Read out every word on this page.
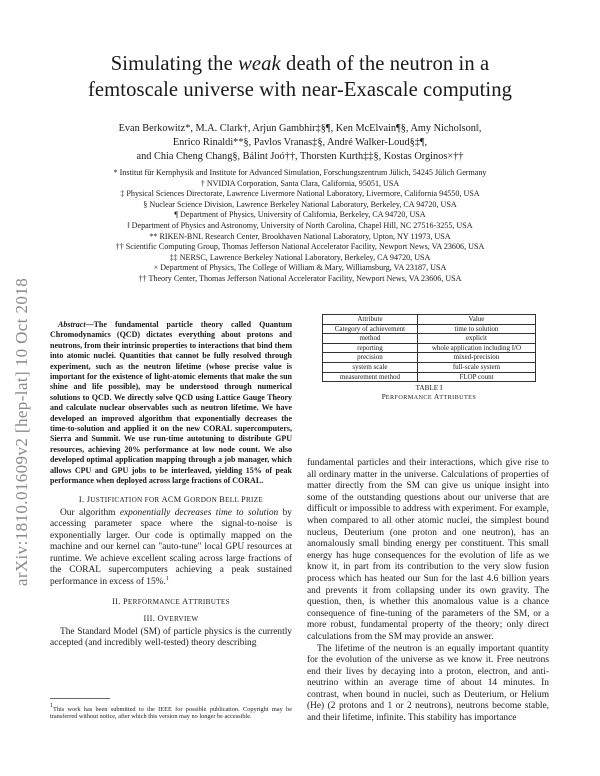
Simulating the weak death of the neutron in a
femtoscale universe with near-Exascale computing
Evan Berkowitz*, M.A. Clark†, Arjun Gambhir‡§¶, Ken McElvain¶§, Amy Nicholson‖,
Enrico Rinaldi**§, Pavlos Vranas‡§, André Walker-Loud§‡¶,
and Chia Cheng Chang§, Bálint Joó††, Thorsten Kurth‡‡§, Kostas Orginos×††
* Institut für Kernphysik and Institute for Advanced Simulation, Forschungszentrum Jülich, 54245 Jülich Germany
† NVIDIA Corporation, Santa Clara, California, 95051, USA
‡ Physical Sciences Directorate, Lawrence Livermore National Laboratory, Livermore, California 94550, USA
§ Nuclear Science Division, Lawrence Berkeley National Laboratory, Berkeley, CA 94720, USA
¶ Department of Physics, University of California, Berkeley, CA 94720, USA
‖ Department of Physics and Astronomy, University of North Carolina, Chapel Hill, NC 27516-3255, USA
** RIKEN-BNL Research Center, Brookhaven National Laboratory, Upton, NY 11973, USA
†† Scientific Computing Group, Thomas Jefferson National Accelerator Facility, Newport News, VA 23606, USA
‡‡ NERSC, Lawrence Berkeley National Laboratory, Berkeley, CA 94720, USA
× Department of Physics, The College of William & Mary, Williamsburg, VA 23187, USA
†† Theory Center, Thomas Jefferson National Accelerator Facility, Newport News, VA 23606, USA
arXiv:1810.01609v2 [hep-lat] 10 Oct 2018	Abstract—The fundamental particle theory called Quantum Chromodynamics (QCD) dictates everything about protons and neutrons, from their intrinsic properties to interactions that bind them into atomic nuclei. Quantities that cannot be fully resolved through experiment, such as the neutron lifetime (whose precise value is important for the existence of light-atomic elements that make the sun shine and life possible), may be understood through numerical solutions to QCD. We directly solve QCD using Lattice Gauge Theory and calculate nuclear observables such as neutron lifetime. We have developed an improved algorithm that exponentially decreases the time-to-solution and applied it on the new CORAL supercomputers, Sierra and Summit. We use run-time autotuning to distribute GPU resources, achieving 20% performance at low node count. We also developed optimal application mapping through a job manager, which allows CPU and GPU jobs to be interleaved, yielding 15% of peak performance when deployed across large fractions of CORAL.

I. JUSTIFICATION FOR ACM GORDON BELL PRIZE

Our algorithm exponentially decreases time to solution by accessing parameter space where the signal-to-noise is exponentially larger. Our code is optimally mapped on the machine and our kernel can "auto-tune" local GPU resources at runtime. We achieve excellent scaling across large fractions of the CORAL supercomputers achieving a peak sustained performance in excess of 15%.$^1$

II. PERFORMANCE ATTRIBUTES
III. OVERVIEW

The Standard Model (SM) of particle physics is the currently accepted (and incredibly well-tested) theory describing

$^1$This work has been submitted to the IEEE for possible publication. Copyright may be transferred without notice, after which this version may no longer be accessible.
Attribute	Value
Category of achievement	time to solution
method	explicit
reporting	whole application including I/O
precision	mixed-precision
system scale	full-scale system
measurement method	FLOP count
TABLE I
PERFORMANCE ATTRIBUTES

fundamental particles and their interactions, which give rise to all ordinary matter in the universe. Calculations of properties of matter directly from the SM can give us unique insight into some of the outstanding questions about our universe that are difficult or impossible to address with experiment. For example, when compared to all other atomic nuclei, the simplest bound nucleus, Deuterium (one proton and one neutron), has an anomalously small binding energy per constituent. This small energy has huge consequences for the evolution of life as we know it, in part from its contribution to the very slow fusion process which has heated our Sun for the last 4.6 billion years and prevents it from collapsing under its own gravity. The question, then, is whether this anomalous value is a chance consequence of fine-tuning of the parameters of the SM, or a more robust, fundamental property of the theory; only direct calculations from the SM may provide an answer.

The lifetime of the neutron is an equally important quantity for the evolution of the universe as we know it. Free neutrons end their lives by decaying into a proton, electron, and anti-neutrino within an average time of about 14 minutes. In contrast, when bound in nuclei, such as Deuterium, or Helium (He) (2 protons and 1 or 2 neutrons), neutrons become stable, and their lifetime, infinite. This stability has importance
